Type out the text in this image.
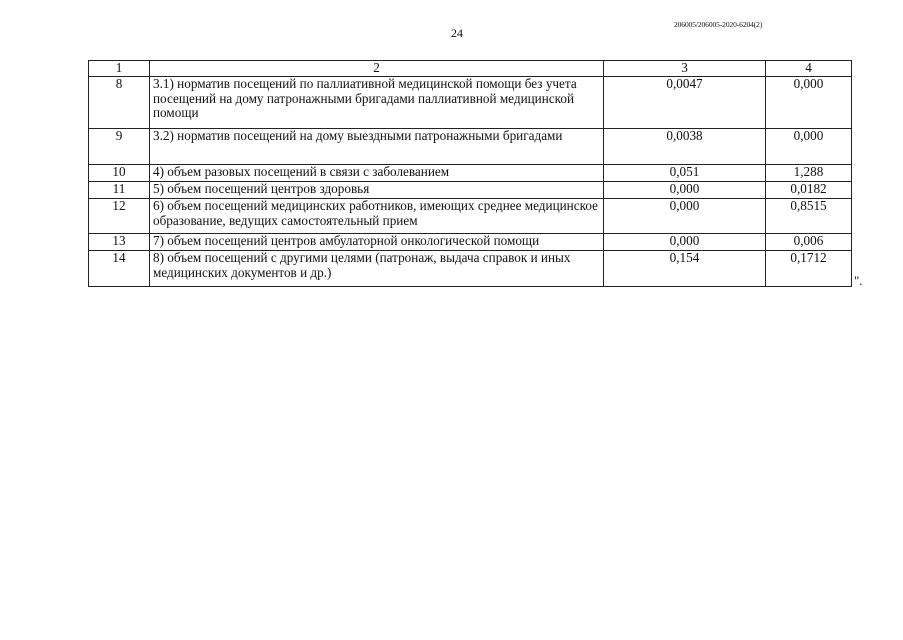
24
206005/206005-2020-6204(2)
1	2	3	4
8	3.1) норматив посещений по паллиативной медицинской помощи без учета посещений на дому патронажными бригадами паллиативной медицинской помощи	0,0047	0,000
9	3.2) норматив посещений на дому выездными патронажными бригадами	0,0038	0,000
10	4) объем разовых посещений в связи с заболеванием	0,051	1,288
11	5) объем посещений центров здоровья	0,000	0,0182
12	6) объем посещений медицинских работников, имеющих среднее медицинское образование, ведущих самостоятельный прием	0,000	0,8515
13	7) объем посещений центров амбулаторной онкологической помощи	0,000	0,006
14	8) объем посещений с другими целями (патронаж, выдача справок и иных медицинских документов и др.)	0,154	0,1712
".
